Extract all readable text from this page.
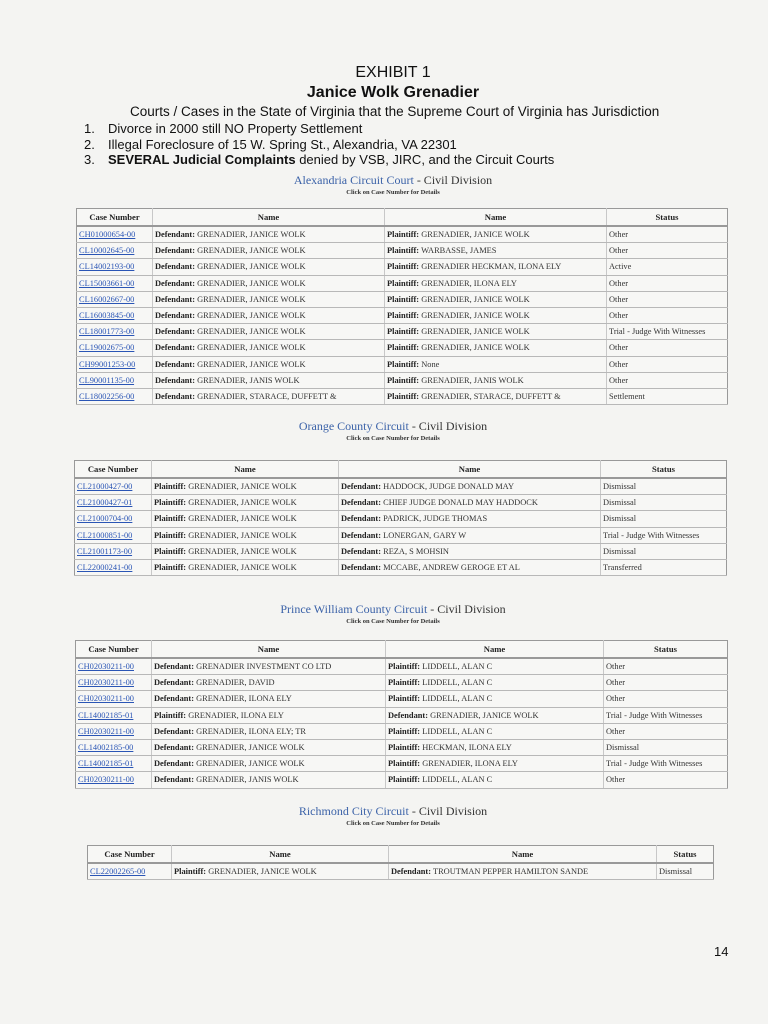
EXHIBIT 1
Janice Wolk Grenadier
Courts / Cases in the State of Virginia that the Supreme Court of Virginia has Jurisdiction
1. Divorce in 2000 still NO Property Settlement
2. Illegal Foreclosure of 15 W. Spring St., Alexandria, VA 22301
3. SEVERAL Judicial Complaints denied by VSB, JIRC, and the Circuit Courts
Alexandria Circuit Court - Civil Division
Click on Case Number for Details
Case Number	Name	Name	Status
CH01000654-00	Defendant: GRENADIER, JANICE WOLK	Plaintiff: GRENADIER, JANICE WOLK	Other
CL10002645-00	Defendant: GRENADIER, JANICE WOLK	Plaintiff: WARBASSE, JAMES	Other
CL14002193-00	Defendant: GRENADIER, JANICE WOLK	Plaintiff: GRENADIER HECKMAN, ILONA ELY	Active
CL15003661-00	Defendant: GRENADIER, JANICE WOLK	Plaintiff: GRENADIER, ILONA ELY	Other
CL16002667-00	Defendant: GRENADIER, JANICE WOLK	Plaintiff: GRENADIER, JANICE WOLK	Other
CL16003845-00	Defendant: GRENADIER, JANICE WOLK	Plaintiff: GRENADIER, JANICE WOLK	Other
CL18001773-00	Defendant: GRENADIER, JANICE WOLK	Plaintiff: GRENADIER, JANICE WOLK	Trial - Judge With Witnesses
CL19002675-00	Defendant: GRENADIER, JANICE WOLK	Plaintiff: GRENADIER, JANICE WOLK	Other
CH99001253-00	Defendant: GRENADIER, JANICE WOLK	Plaintiff: None	Other
CL90001135-00	Defendant: GRENADIER, JANIS WOLK	Plaintiff: GRENADIER, JANIS WOLK	Other
CL18002256-00	Defendant: GRENADIER, STARACE, DUFFETT &	Plaintiff: GRENADIER, STARACE, DUFFETT &	Settlement
Orange County Circuit - Civil Division
Click on Case Number for Details
Case Number	Name	Name	Status
CL21000427-00	Plaintiff: GRENADIER, JANICE WOLK	Defendant: HADDOCK, JUDGE DONALD MAY	Dismissal
CL21000427-01	Plaintiff: GRENADIER, JANICE WOLK	Defendant: CHIEF JUDGE DONALD MAY HADDOCK	Dismissal
CL21000704-00	Plaintiff: GRENADIER, JANICE WOLK	Defendant: PADRICK, JUDGE THOMAS	Dismissal
CL21000851-00	Plaintiff: GRENADIER, JANICE WOLK	Defendant: LONERGAN, GARY W	Trial - Judge With Witnesses
CL21001173-00	Plaintiff: GRENADIER, JANICE WOLK	Defendant: REZA, S MOHSIN	Dismissal
CL22000241-00	Plaintiff: GRENADIER, JANICE WOLK	Defendant: MCCABE, ANDREW GEROGE ET AL	Transferred
Prince William County Circuit - Civil Division
Click on Case Number for Details
Case Number	Name	Name	Status
CH02030211-00	Defendant: GRENADIER INVESTMENT CO LTD	Plaintiff: LIDDELL, ALAN C	Other
CH02030211-00	Defendant: GRENADIER, DAVID	Plaintiff: LIDDELL, ALAN C	Other
CH02030211-00	Defendant: GRENADIER, ILONA ELY	Plaintiff: LIDDELL, ALAN C	Other
CL14002185-01	Plaintiff: GRENADIER, ILONA ELY	Defendant: GRENADIER, JANICE WOLK	Trial - Judge With Witnesses
CH02030211-00	Defendant: GRENADIER, ILONA ELY; TR	Plaintiff: LIDDELL, ALAN C	Other
CL14002185-00	Defendant: GRENADIER, JANICE WOLK	Plaintiff: HECKMAN, ILONA ELY	Dismissal
CL14002185-01	Defendant: GRENADIER, JANICE WOLK	Plaintiff: GRENADIER, ILONA ELY	Trial - Judge With Witnesses
CH02030211-00	Defendant: GRENADIER, JANIS WOLK	Plaintiff: LIDDELL, ALAN C	Other
Richmond City Circuit - Civil Division
Click on Case Number for Details
Case Number	Name	Name	Status
CL22002265-00	Plaintiff: GRENADIER, JANICE WOLK	Defendant: TROUTMAN PEPPER HAMILTON SANDE	Dismissal
14
